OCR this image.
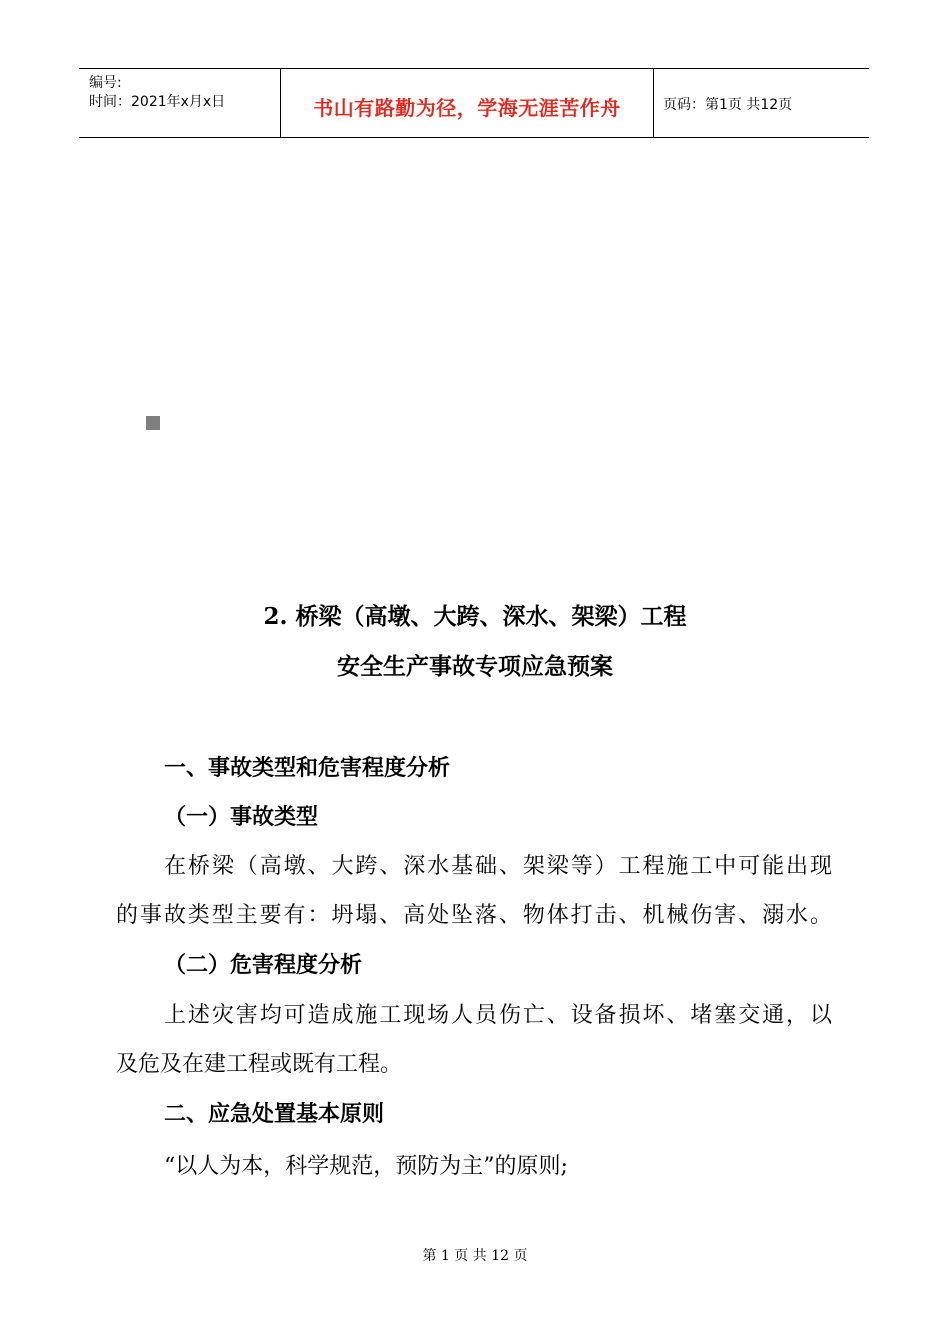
编号:
时间：2021年x月x日	书山有路勤为径，学海无涯苦作舟	页码：第1页 共12页
2. 桥梁（高墩、大跨、深水、架梁）工程
安全生产事故专项应急预案
一、事故类型和危害程度分析
（一）事故类型
在桥梁（高墩、大跨、深水基础、架梁等）工程施工中可能出现
的事故类型主要有：坍塌、高处坠落、物体打击、机械伤害、溺水。
（二）危害程度分析
上述灾害均可造成施工现场人员伤亡、设备损坏、堵塞交通，以
及危及在建工程或既有工程。
二、应急处置基本原则
“以人为本，科学规范，预防为主”的原则;
第 1 页 共 12 页
